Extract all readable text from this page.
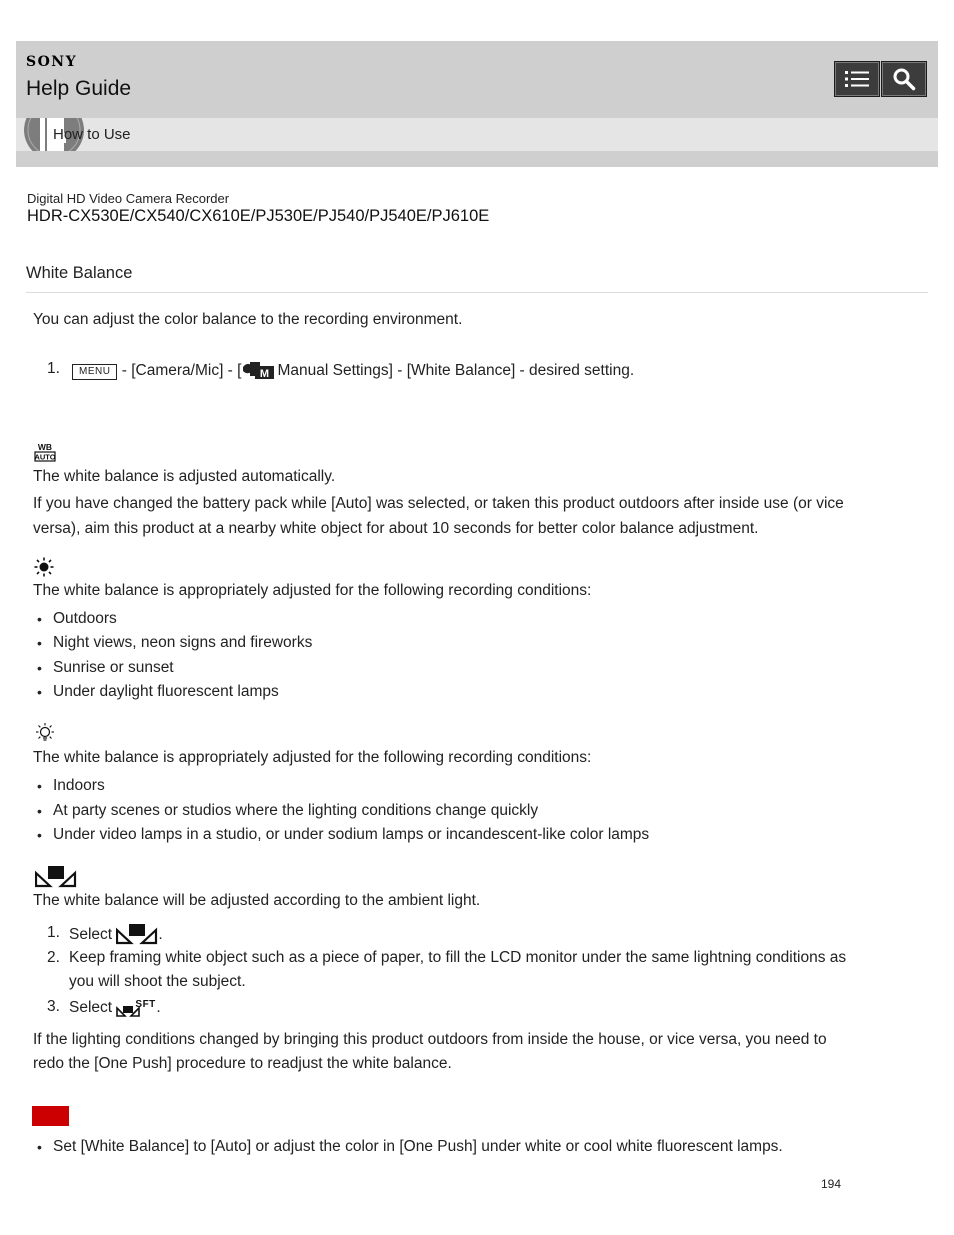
SONY
Help Guide
How to Use
Digital HD Video Camera Recorder
HDR-CX530E/CX540/CX610E/PJ530E/PJ540/PJ540E/PJ610E
White Balance
You can adjust the color balance to the recording environment.
1.	MENU - [Camera/Mic] - [ M Manual Settings] - [White Balance] - desired setting.
WB
AUTO
The white balance is adjusted automatically.
If you have changed the battery pack while [Auto] was selected, or taken this product outdoors after inside use (or vice
versa), aim this product at a nearby white object for about 10 seconds for better color balance adjustment.
The white balance is appropriately adjusted for the following recording conditions:
• Outdoors
• Night views, neon signs and fireworks
• Sunrise or sunset
• Under daylight fluorescent lamps
The white balance is appropriately adjusted for the following recording conditions:
• Indoors
• At party scenes or studios where the lighting conditions change quickly
• Under video lamps in a studio, or under sodium lamps or incandescent-like color lamps
The white balance will be adjusted according to the ambient light.
1. Select	.
2. Keep framing white object such as a piece of paper, to fill the LCD monitor under the same lightning conditions as
you will shoot the subject.
3. Select SFT .
If the lighting conditions changed by bringing this product outdoors from inside the house, or vice versa, you need to
redo the [One Push] procedure to readjust the white balance.
• Set [White Balance] to [Auto] or adjust the color in [One Push] under white or cool white fluorescent lamps.
194
